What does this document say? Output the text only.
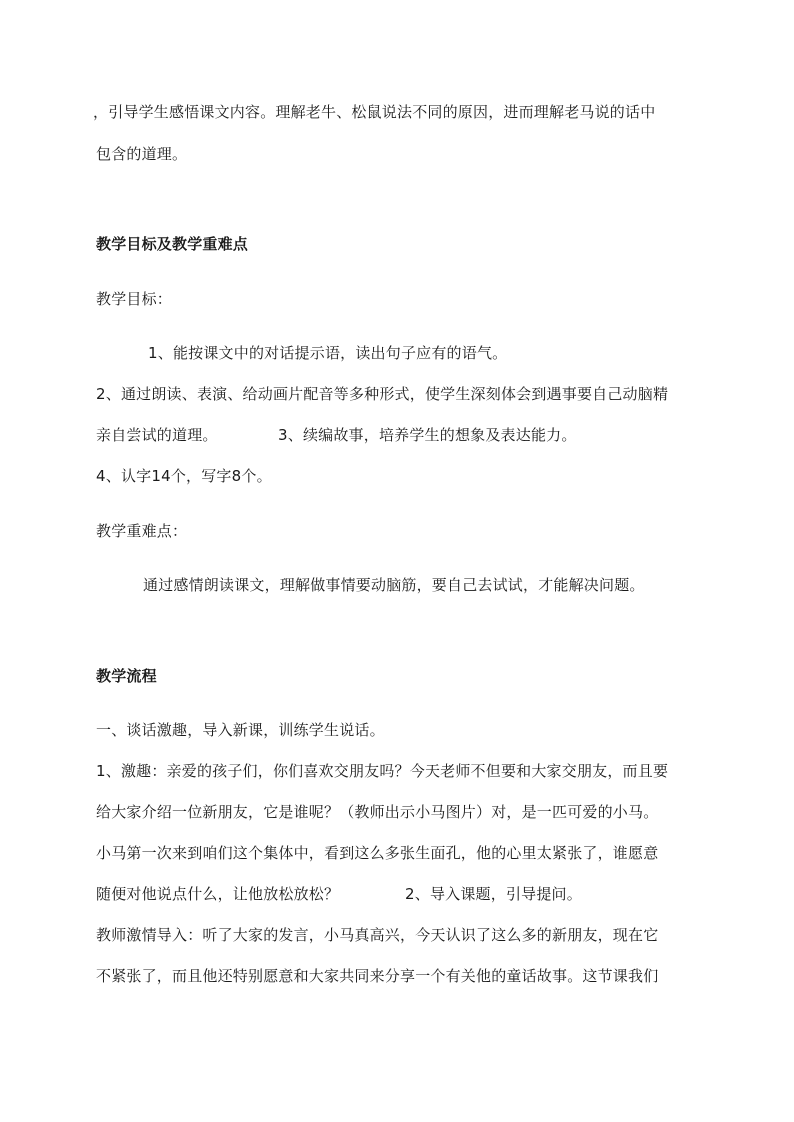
，引导学生感悟课文内容。理解老牛、松鼠说法不同的原因，进而理解老马说的话中
包含的道理。
教学目标及教学重难点
教学目标：
1、能按课文中的对话提示语，读出句子应有的语气。
2、通过朗读、表演、给动画片配音等多种形式，使学生深刻体会到遇事要自己动脑精
亲自尝试的道理。	3、续编故事，培养学生的想象及表达能力。
4、认字14个，写字8个。
教学重难点：
通过感情朗读课文，理解做事情要动脑筋，要自己去试试，才能解决问题。
教学流程
一、谈话激趣，导入新课，训练学生说话。
1、激趣：亲爱的孩子们，你们喜欢交朋友吗？今天老师不但要和大家交朋友，而且要
给大家介绍一位新朋友，它是谁呢？（教师出示小马图片）对，是一匹可爱的小马。
小马第一次来到咱们这个集体中，看到这么多张生面孔，他的心里太紧张了，谁愿意
随便对他说点什么，让他放松放松？	2、导入课题，引导提问。
教师激情导入：听了大家的发言，小马真高兴，今天认识了这么多的新朋友，现在它
不紧张了，而且他还特别愿意和大家共同来分享一个有关他的童话故事。这节课我们
